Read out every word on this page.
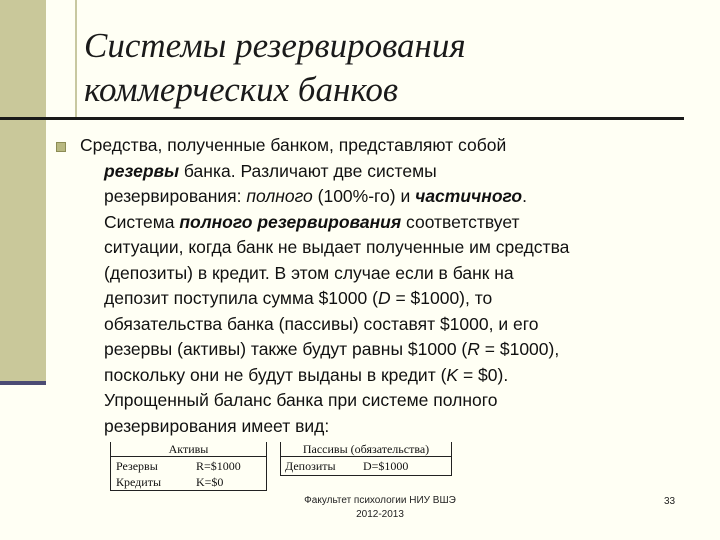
Системы резервирования
коммерческих банков

Средства, полученные банком, представляют собой
резервы банка. Различают две системы
резервирования: полного (100%-го) и частичного.
Система полного резервирования соответствует
ситуации, когда банк не выдает полученные им средства
(депозиты) в кредит. В этом случае если в банк на
депозит поступила сумма $1000 (D = $1000), то
обязательства банка (пассивы) составят $1000, и его
резервы (активы) также будут равны $1000 (R = $1000),
поскольку они не будут выданы в кредит (K = $0).
Упрощенный баланс банка при системе полного
резервирования имеет вид:

Активы
Резервы	R=$1000
Кредиты	K=$0
Пассивы (обязательства)
Депозиты D=$1000
Факультет психологии НИУ ВШЭ
2012-2013
33
